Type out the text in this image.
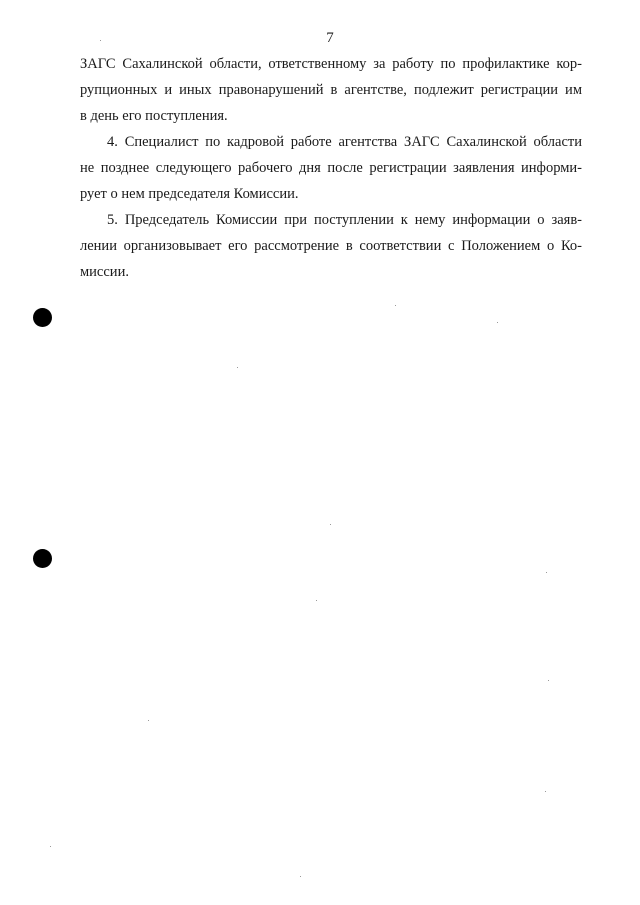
7
ЗАГС Сахалинской области, ответственному за работу по профилактике кор-
рупционных и иных правонарушений в агентстве, подлежит регистрации им
в день его поступления.
4. Специалист по кадровой работе агентства ЗАГС Сахалинской области
не позднее следующего рабочего дня после регистрации заявления информи-
рует о нем председателя Комиссии.
5. Председатель Комиссии при поступлении к нему информации о заяв-
лении организовывает его рассмотрение в соответствии с Положением о Ко-
миссии.
